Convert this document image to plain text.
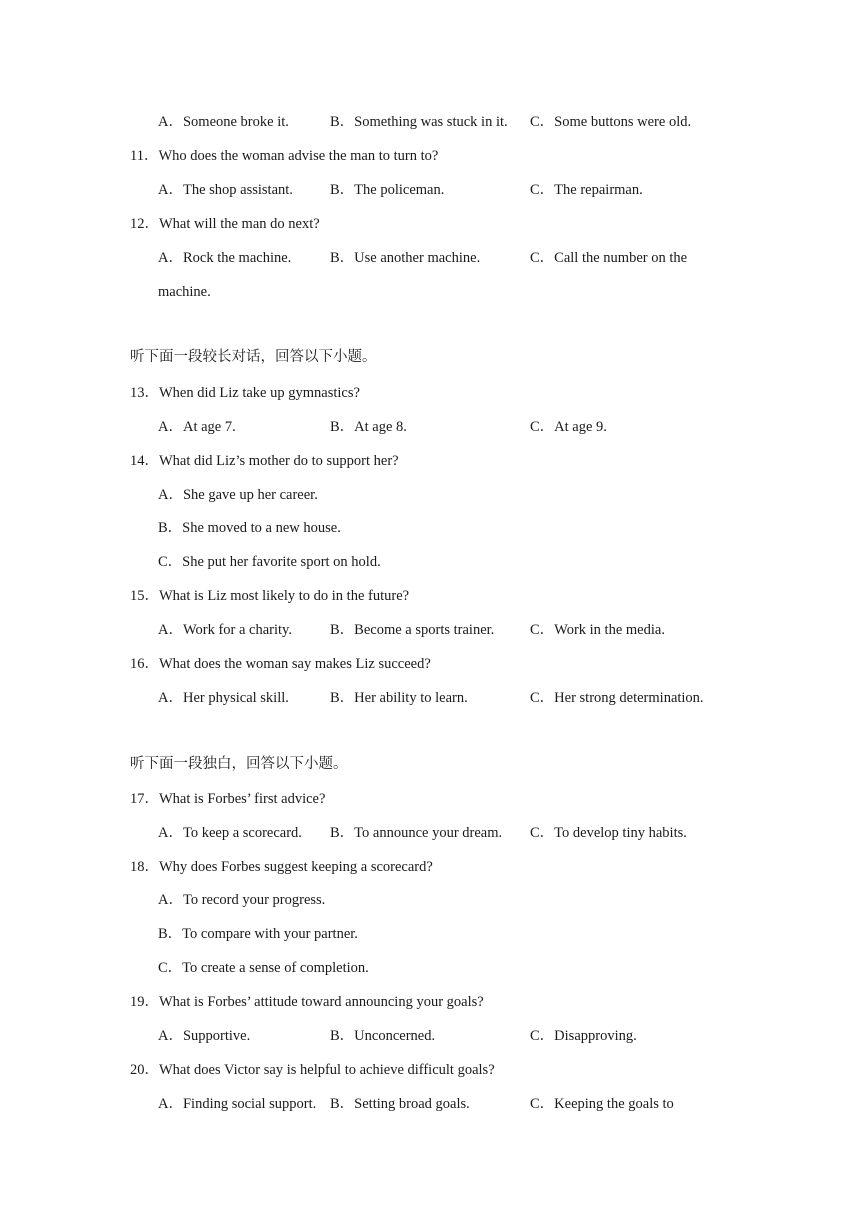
A．Someone broke it.	B．Something was stuck in it. C．Some buttons were old.
11．Who does the woman advise the man to turn to?
A．The shop assistant.	B．The policeman.	C．The repairman.
12．What will the man do next?
A．Rock the machine.	B．Use another machine.	C．Call the number on the
machine.
听下面一段较长对话，回答以下小题。
13．When did Liz take up gymnastics?
A．At age 7.	B．At age 8.	C．At age 9.
14．What did Liz’s mother do to support her?
A．She gave up her career.
B．She moved to a new house.
C．She put her favorite sport on hold.
15．What is Liz most likely to do in the future?
A．Work for a charity.	B．Become a sports trainer. C．Work in the media.
16．What does the woman say makes Liz succeed?
A．Her physical skill.	B．Her ability to learn.	C．Her strong determination.
听下面一段独白，回答以下小题。
17．What is Forbes’ first advice?
A．To keep a scorecard. B．To announce your dream. C．To develop tiny habits.
18．Why does Forbes suggest keeping a scorecard?
A．To record your progress.
B．To compare with your partner.
C．To create a sense of completion.
19．What is Forbes’ attitude toward announcing your goals?
A．Supportive.	B．Unconcerned.	C．Disapproving.
20．What does Victor say is helpful to achieve difficult goals?
A．Finding social support. B．Setting broad goals.	C．Keeping the goals to
